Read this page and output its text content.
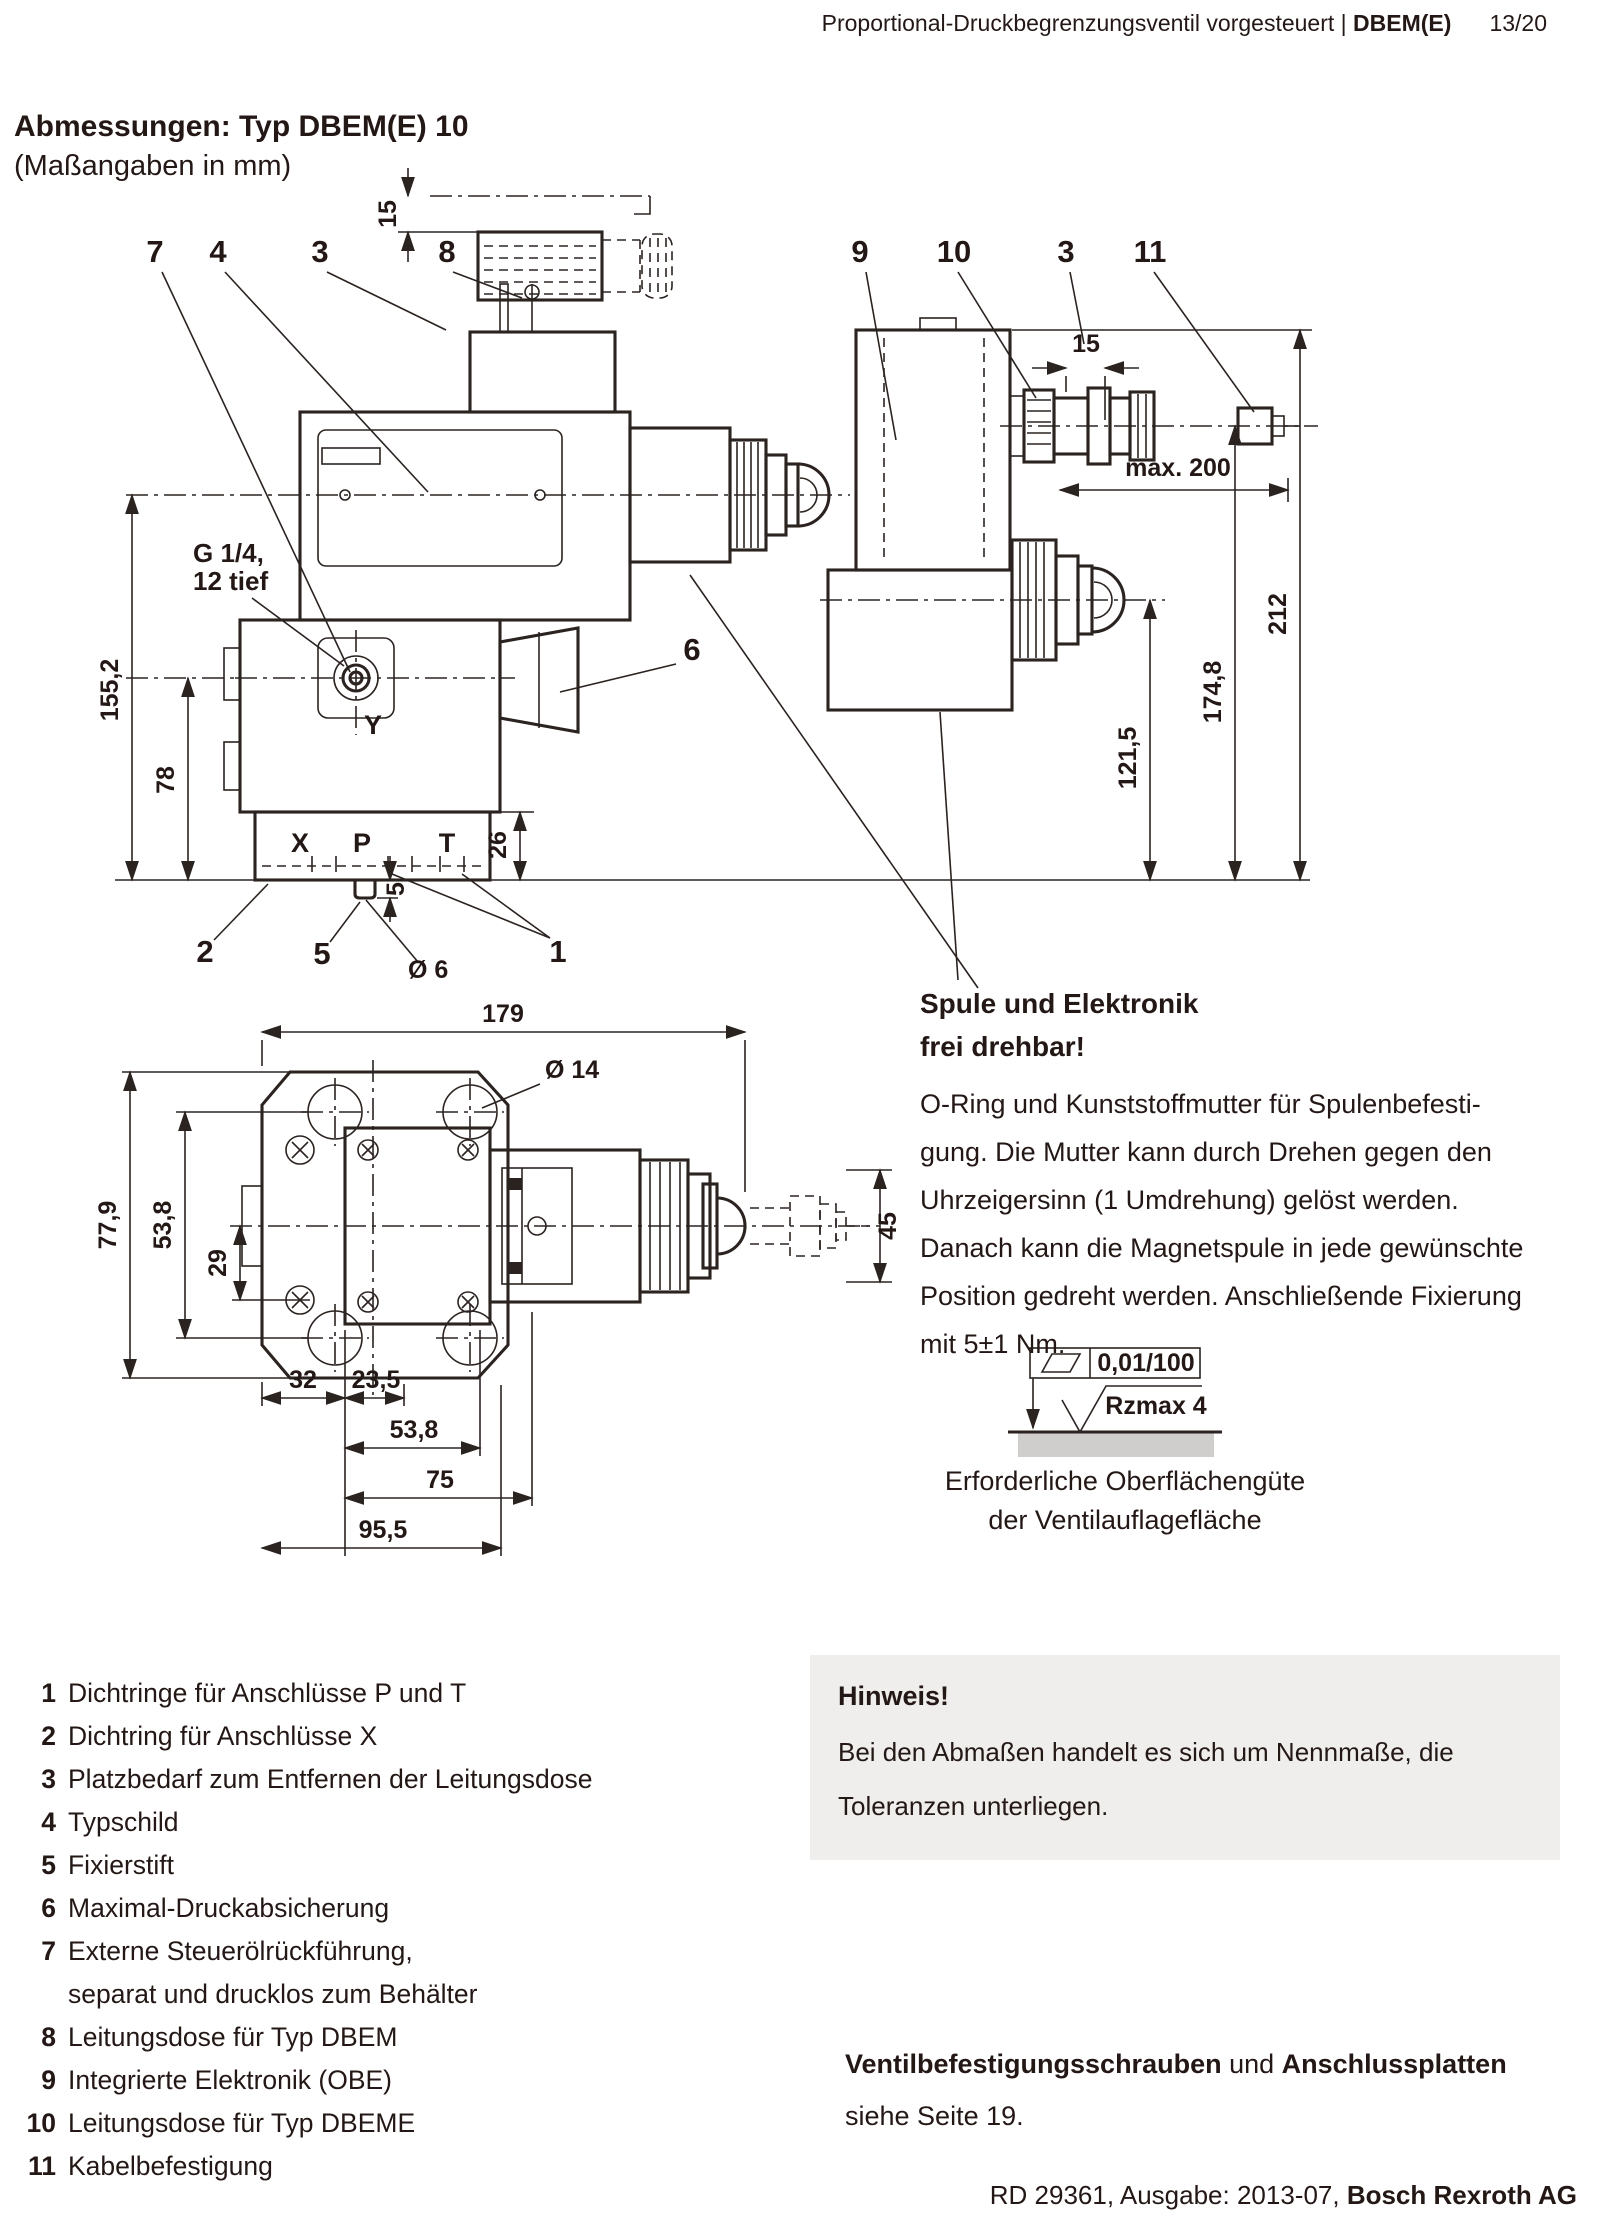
Proportional-Druckbegrenzungsventil vorgesteuert | DBEM(E) 13/20
Abmessungen: Typ DBEM(E) 10

(Maßangaben in mm)

155,2
78
26
5
Ø 6
15
G 1/4,
12 tief
X P	T
Y
15
max. 200
121,5
174,8
212
7 4	3	8	9 10	3 11
6
2	5	1
179
Ø 14
77,9 53,8
29
45
32 23,5
53,8
75
95,5
0,01/100
Rzmax 4

Spule und Elektronik
frei drehbar!

O-Ring und Kunststoffmutter für Spulenbefesti-
gung. Die Mutter kann durch Drehen gegen den
Uhrzeigersinn (1 Umdrehung) gelöst werden.
Danach kann die Magnetspule in jede gewünschte
Position gedreht werden. Anschließende Fixierung
mit 5±1 Nm.
Erforderliche Oberflächengüte
der Ventilauflagefläche
1 Dichtringe für Anschlüsse P und T
2 Dichtring für Anschlüsse X
3 Platzbedarf zum Entfernen der Leitungsdose
4 Typschild
5 Fixierstift
6 Maximal-Druckabsicherung
7 Externe Steuerölrückführung,
separat und drucklos zum Behälter
8 Leitungsdose für Typ DBEM
9 Integrierte Elektronik (OBE)
10 Leitungsdose für Typ DBEME
11 Kabelbefestigung
Hinweis!
Bei den Abmaßen handelt es sich um Nennmaße, die
Toleranzen unterliegen.
Ventilbefestigungsschrauben und Anschlussplatten
siehe Seite 19.
RD 29361, Ausgabe: 2013-07, Bosch Rexroth AG
